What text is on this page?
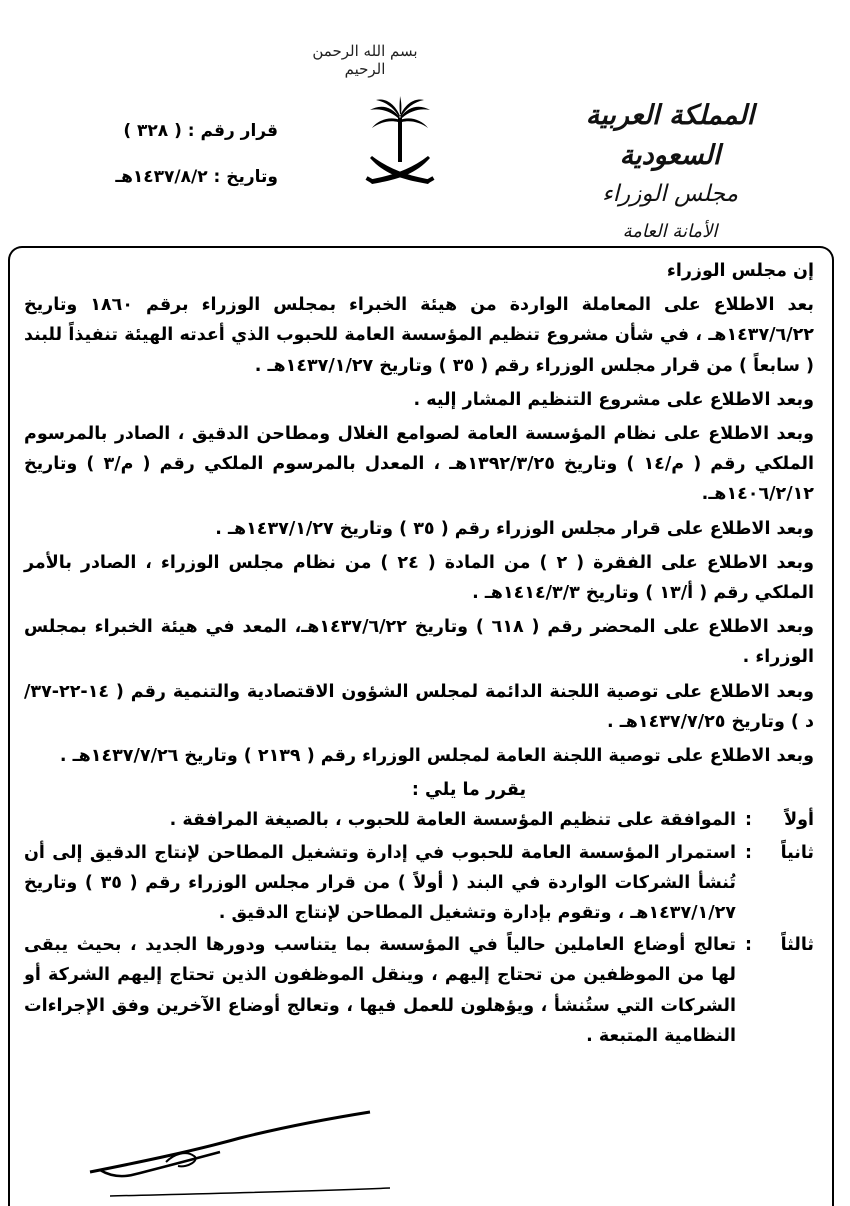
بسم الله الرحمن الرحيم
المملكة العربية السعودية
مجلس الوزراء
الأمانة العامة
قرار رقم : ( ٣٢٨ )
وتاريخ : ١٤٣٧/٨/٢هـ

إن مجلس الوزراء

بعد الاطلاع على المعاملة الواردة من هيئة الخبراء بمجلس الوزراء برقم ١٨٦٠ وتاريخ ١٤٣٧/٦/٢٢هـ ، في شأن مشروع تنظيم المؤسسة العامة للحبوب الذي أعدته الهيئة تنفيذاً للبند ( سابعاً ) من قرار مجلس الوزراء رقم ( ٣٥ ) وتاريخ ١٤٣٧/١/٢٧هـ .

وبعد الاطلاع على مشروع التنظيم المشار إليه .

وبعد الاطلاع على نظام المؤسسة العامة لصوامع الغلال ومطاحن الدقيق ، الصادر بالمرسوم الملكي رقم ( م/١٤ ) وتاريخ ١٣٩٢/٣/٢٥هـ ، المعدل بالمرسوم الملكي رقم ( م/٣ ) وتاريخ ١٤٠٦/٢/١٢هـ.

وبعد الاطلاع على قرار مجلس الوزراء رقم ( ٣٥ ) وتاريخ ١٤٣٧/١/٢٧هـ .

وبعد الاطلاع على الفقرة ( ٢ ) من المادة ( ٢٤ ) من نظام مجلس الوزراء ، الصادر بالأمر الملكي رقم ( أ/١٣ ) وتاريخ ١٤١٤/٣/٣هـ .

وبعد الاطلاع على المحضر رقم ( ٦١٨ ) وتاريخ ١٤٣٧/٦/٢٢هـ، المعد في هيئة الخبراء بمجلس الوزراء .

وبعد الاطلاع على توصية اللجنة الدائمة لمجلس الشؤون الاقتصادية والتنمية رقم ( ١٤-٢٢-٣٧/د ) وتاريخ ١٤٣٧/٧/٢٥هـ .

وبعد الاطلاع على توصية اللجنة العامة لمجلس الوزراء رقم ( ٢١٣٩ ) وتاريخ ١٤٣٧/٧/٢٦هـ .

يقرر ما يلي :

أولاً
:
الموافقة على تنظيم المؤسسة العامة للحبوب ، بالصيغة المرافقة .
ثانياً
:
استمرار المؤسسة العامة للحبوب في إدارة وتشغيل المطاحن لإنتاج الدقيق إلى أن تُنشأ الشركات الواردة في البند ( أولاً ) من قرار مجلس الوزراء رقم ( ٣٥ ) وتاريخ ١٤٣٧/١/٢٧هـ ، وتقوم بإدارة وتشغيل المطاحن لإنتاج الدقيق .
ثالثاً
:
تعالج أوضاع العاملين حالياً في المؤسسة بما يتناسب ودورها الجديد ، بحيث يبقى لها من الموظفين من تحتاج إليهم ، وينقل الموظفون الذين تحتاج إليهم الشركة أو الشركات التي ستُنشأ ، ويؤهلون للعمل فيها ، وتعالج أوضاع الآخرين وفق الإجراءات النظامية المتبعة .
